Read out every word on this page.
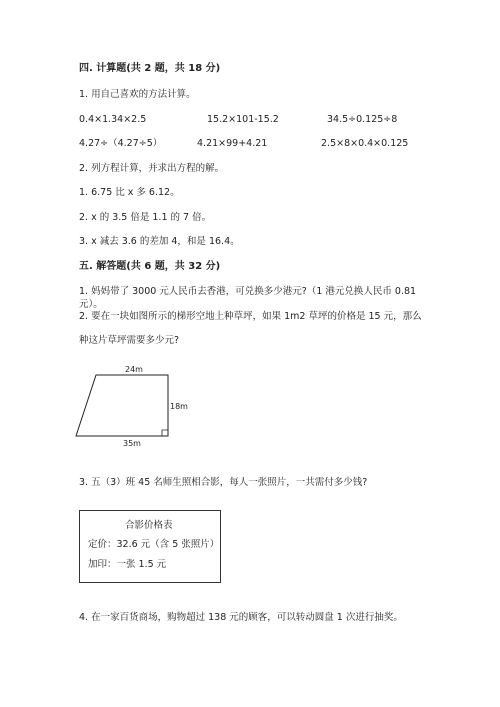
四. 计算题(共 2 题，共 18 分)
1. 用自己喜欢的方法计算。
0.4×1.34×2.5	15.2×101-15.2	34.5÷0.125÷8
4.27÷（4.27÷5）	4.21×99+4.21	2.5×8×0.4×0.125
2. 列方程计算，并求出方程的解。
1. 6.75 比 x 多 6.12。
2. x 的 3.5 倍是 1.1 的 7 倍。
3. x 减去 3.6 的差加 4，和是 16.4。
五. 解答题(共 6 题，共 32 分)
1. 妈妈带了 3000 元人民币去香港，可兑换多少港元?（1 港元兑换人民币 0.81
元）。
2. 要在一块如图所示的梯形空地上种草坪，如果 1m2 草坪的价格是 15 元，那么
种这片草坪需要多少元?
24m
18m
35m
3. 五（3）班 45 名师生照相合影，每人一张照片，一共需付多少钱?
合影价格表
定价：32.6 元（含 5 张照片）
加印：一张 1.5 元
4. 在一家百货商场，购物超过 138 元的顾客，可以转动圆盘 1 次进行抽奖。
